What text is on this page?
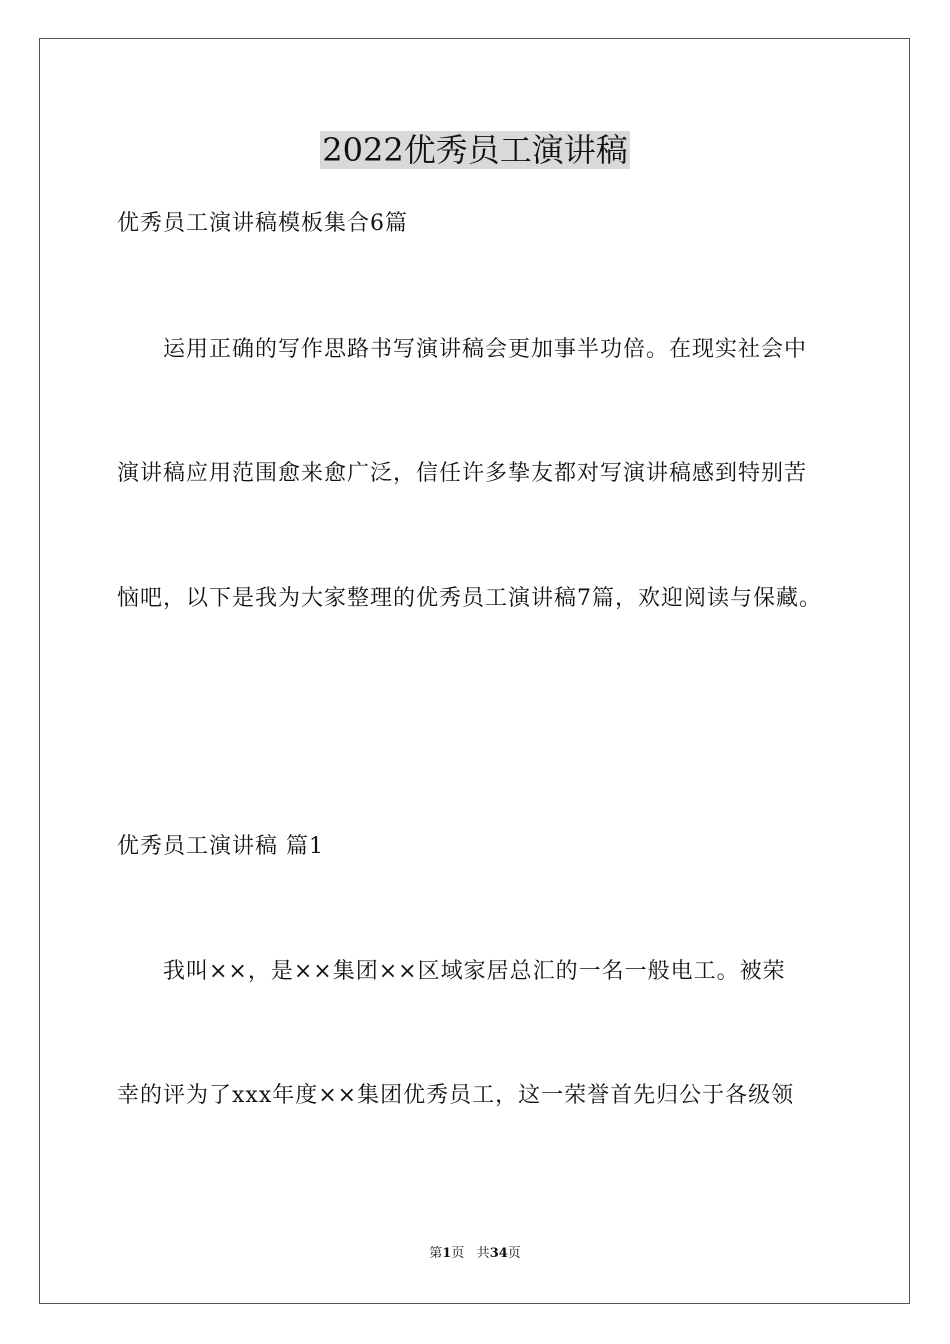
2022优秀员工演讲稿
优秀员工演讲稿模板集合6篇
运用正确的写作思路书写演讲稿会更加事半功倍。在现实社会中
演讲稿应用范围愈来愈广泛，信任许多挚友都对写演讲稿感到特别苦
恼吧，以下是我为大家整理的优秀员工演讲稿7篇，欢迎阅读与保藏。
优秀员工演讲稿 篇1
我叫××，是××集团××区域家居总汇的一名一般电工。被荣
幸的评为了xxx年度××集团优秀员工，这一荣誉首先归公于各级领
第1页 共34页
